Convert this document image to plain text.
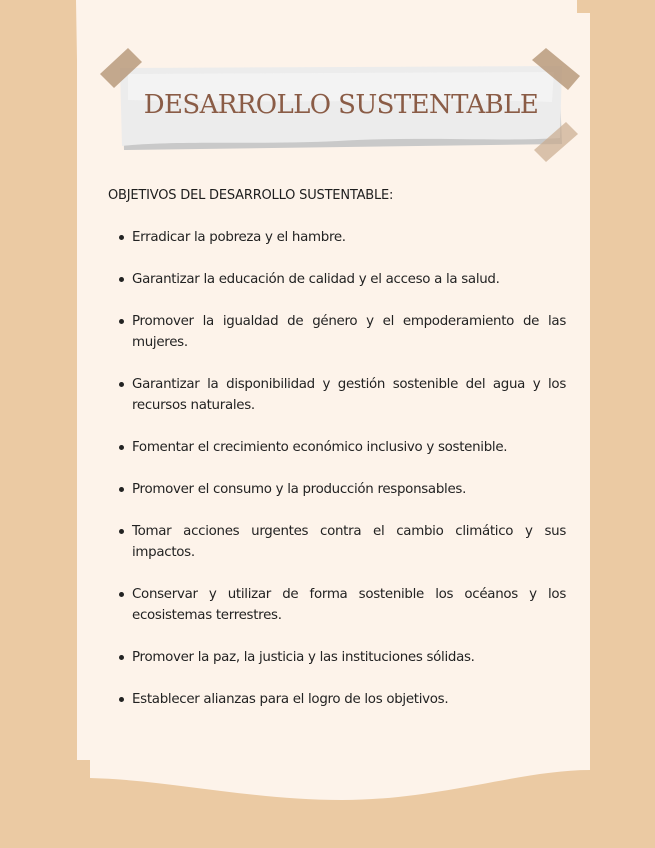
DESARROLLO SUSTENTABLE
OBJETIVOS DEL DESARROLLO SUSTENTABLE:
Erradicar la pobreza y el hambre.
Garantizar la educación de calidad y el acceso a la salud.
Promover la igualdad de género y el empoderamiento de las mujeres.
Garantizar la disponibilidad y gestión sostenible del agua y los recursos naturales.
Fomentar el crecimiento económico inclusivo y sostenible.
Promover el consumo y la producción responsables.
Tomar acciones urgentes contra el cambio climático y sus impactos.
Conservar y utilizar de forma sostenible los océanos y los ecosistemas terrestres.
Promover la paz, la justicia y las instituciones sólidas.
Establecer alianzas para el logro de los objetivos.
